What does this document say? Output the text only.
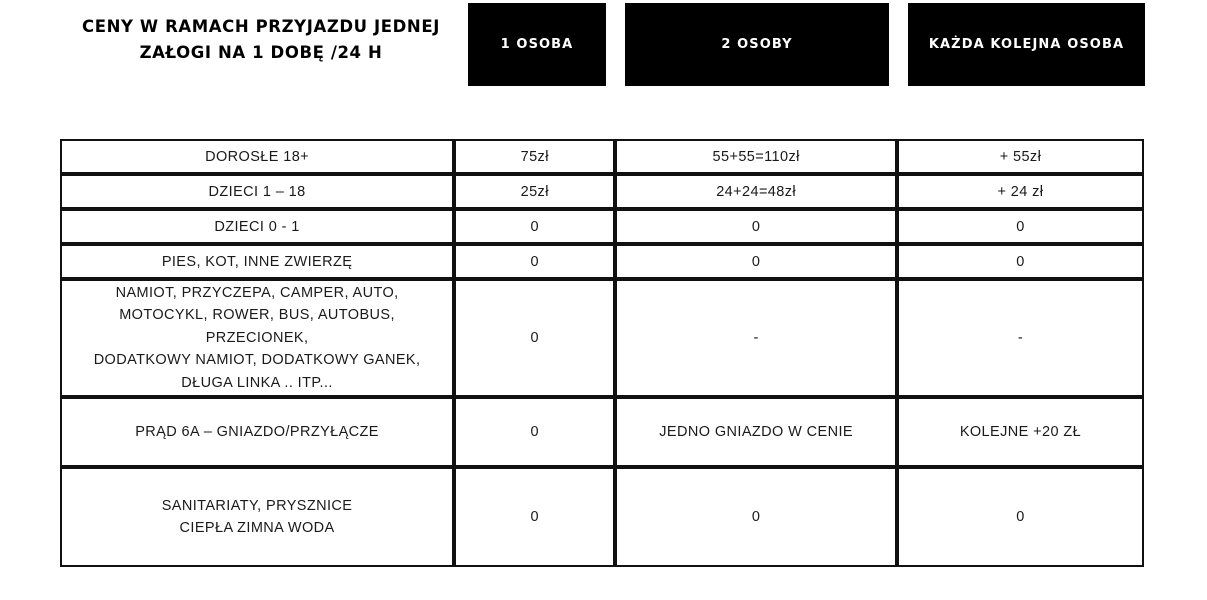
CENY W RAMACH PRZYJAZDU JEDNEJ ZAŁOGI NA 1 DOBĘ /24 H	1 OSOBA	2 OSOBY	KAŻDA KOLEJNA OSOBA
DOROSŁE 18+	75zł	55+55=110zł	+ 55zł
DZIECI 1 – 18	25zł	24+24=48zł	+ 24 zł
DZIECI 0 - 1	0	0	0
PIES, KOT, INNE ZWIERZĘ	0	0	0

NAMIOT, PRZYCZEPA, CAMPER, AUTO,
MOTOCYKL, ROWER, BUS, AUTOBUS, PRZECIONEK,
DODATKOWY NAMIOT, DODATKOWY GANEK,
DŁUGA LINKA .. ITP...	0	-	-
PRĄD 6A – GNIAZDO/PRZYŁĄCZE	0	JEDNO GNIAZDO W CENIE	KOLEJNE +20 ZŁ

SANITARIATY, PRYSZNICE
CIEPŁA ZIMNA WODA	0	0	0
